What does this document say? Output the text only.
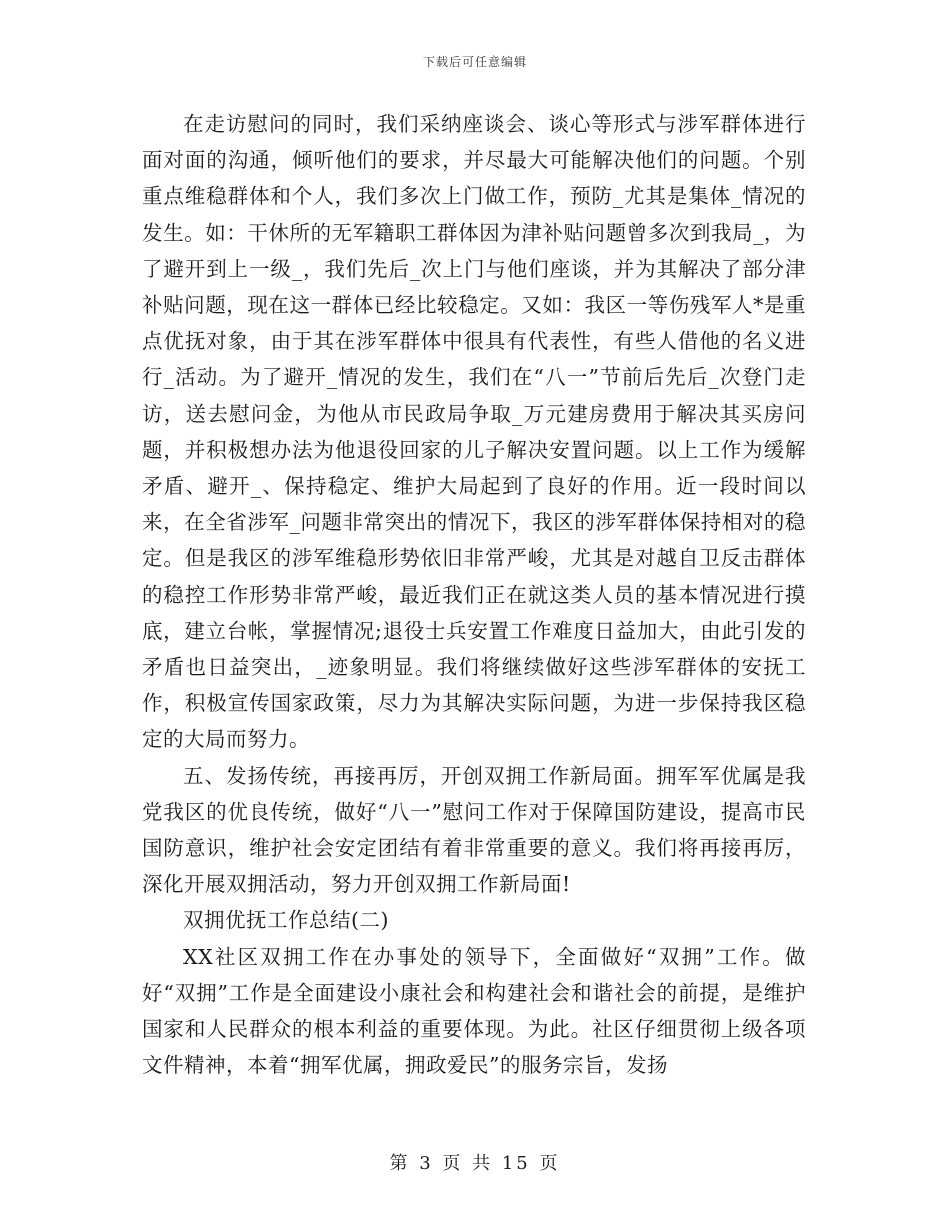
下载后可任意编辑

在走访慰问的同时，我们采纳座谈会、谈心等形式与涉军群体进行面对面的沟通，倾听他们的要求，并尽最大可能解决他们的问题。个别重点维稳群体和个人，我们多次上门做工作，预防_尤其是集体_情况的发生。如：干休所的无军籍职工群体因为津补贴问题曾多次到我局_，为了避开到上一级_，我们先后_次上门与他们座谈，并为其解决了部分津补贴问题，现在这一群体已经比较稳定。又如：我区一等伤残军人*是重点优抚对象，由于其在涉军群体中很具有代表性，有些人借他的名义进行_活动。为了避开_情况的发生，我们在“八一”节前后先后_次登门走访，送去慰问金，为他从市民政局争取_万元建房费用于解决其买房问题，并积极想办法为他退役回家的儿子解决安置问题。以上工作为缓解矛盾、避开_、保持稳定、维护大局起到了良好的作用。近一段时间以来，在全省涉军_问题非常突出的情况下，我区的涉军群体保持相对的稳定。但是我区的涉军维稳形势依旧非常严峻，尤其是对越自卫反击群体的稳控工作形势非常严峻，最近我们正在就这类人员的基本情况进行摸底，建立台帐，掌握情况;退役士兵安置工作难度日益加大，由此引发的矛盾也日益突出，_迹象明显。我们将继续做好这些涉军群体的安抚工作，积极宣传国家政策，尽力为其解决实际问题，为进一步保持我区稳定的大局而努力。

五、发扬传统，再接再厉，开创双拥工作新局面。拥军军优属是我党我区的优良传统，做好“八一”慰问工作对于保障国防建设，提高市民国防意识，维护社会安定团结有着非常重要的意义。我们将再接再厉，深化开展双拥活动，努力开创双拥工作新局面!

双拥优抚工作总结(二)

XX社区双拥工作在办事处的领导下，全面做好“双拥”工作。做好“双拥”工作是全面建设小康社会和构建社会和谐社会的前提，是维护国家和人民群众的根本利益的重要体现。为此。社区仔细贯彻上级各项文件精神，本着“拥军优属，拥政爱民”的服务宗旨，发扬

第 3 页 共 15 页
